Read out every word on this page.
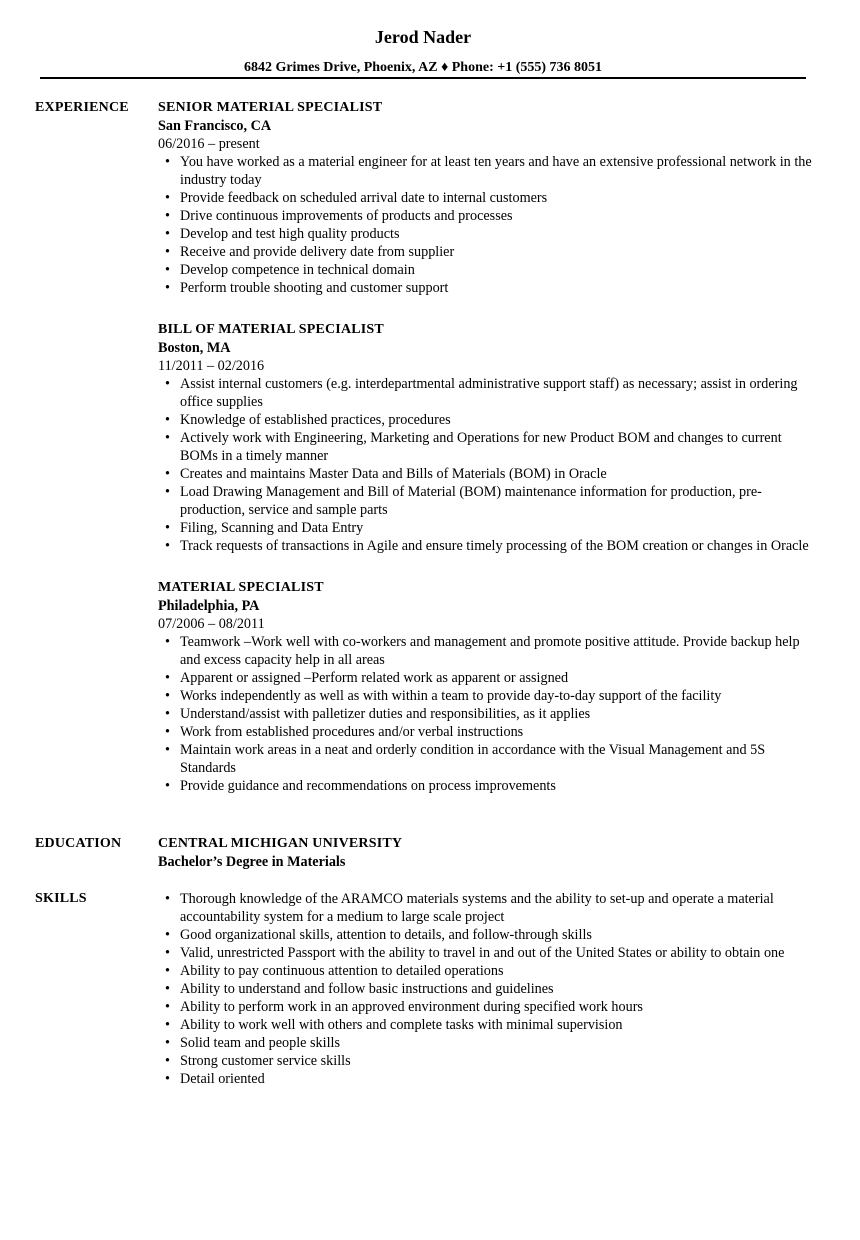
Jerod Nader
6842 Grimes Drive, Phoenix, AZ ♦ Phone: +1 (555) 736 8051
EXPERIENCE	SENIOR MATERIAL SPECIALIST
San Francisco, CA
06/2016 – present
• You have worked as a material engineer for at least ten years and have an extensive professional network in the industry today
• Provide feedback on scheduled arrival date to internal customers
• Drive continuous improvements of products and processes
• Develop and test high quality products
• Receive and provide delivery date from supplier
• Develop competence in technical domain
• Perform trouble shooting and customer support
BILL OF MATERIAL SPECIALIST
Boston, MA
11/2011 – 02/2016
• Assist internal customers (e.g. interdepartmental administrative support staff) as necessary; assist in ordering office supplies
• Knowledge of established practices, procedures
• Actively work with Engineering, Marketing and Operations for new Product BOM and changes to current BOMs in a timely manner
• Creates and maintains Master Data and Bills of Materials (BOM) in Oracle
• Load Drawing Management and Bill of Material (BOM) maintenance information for production, pre-production, service and sample parts
• Filing, Scanning and Data Entry
• Track requests of transactions in Agile and ensure timely processing of the BOM creation or changes in Oracle
MATERIAL SPECIALIST
Philadelphia, PA
07/2006 – 08/2011
• Teamwork –Work well with co-workers and management and promote positive attitude. Provide backup help and excess capacity help in all areas
• Apparent or assigned –Perform related work as apparent or assigned
• Works independently as well as with within a team to provide day-to-day support of the facility
• Understand/assist with palletizer duties and responsibilities, as it applies
• Work from established procedures and/or verbal instructions
• Maintain work areas in a neat and orderly condition in accordance with the Visual Management and 5S Standards
• Provide guidance and recommendations on process improvements
EDUCATION	CENTRAL MICHIGAN UNIVERSITY
Bachelor’s Degree in Materials
SKILLS
•	Thorough knowledge of the ARAMCO materials systems and the ability to set-up and operate a material accountability system for a medium to large scale project
• Good organizational skills, attention to details, and follow-through skills
• Valid, unrestricted Passport with the ability to travel in and out of the United States or ability to obtain one
• Ability to pay continuous attention to detailed operations
• Ability to understand and follow basic instructions and guidelines
• Ability to perform work in an approved environment during specified work hours
• Ability to work well with others and complete tasks with minimal supervision
• Solid team and people skills
• Strong customer service skills
• Detail oriented
